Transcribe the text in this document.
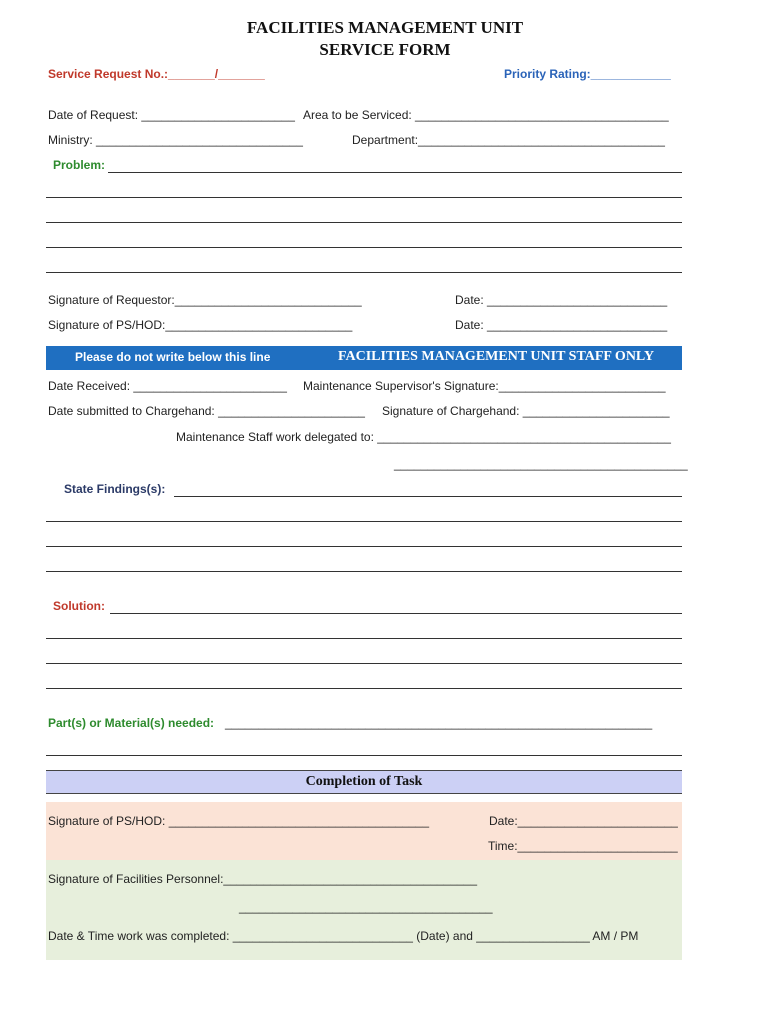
FACILITIES MANAGEMENT UNIT
SERVICE FORM
Service Request No.:_______/_______	Priority Rating:____________
Date of Request: _______________________ Area to be Serviced: ______________________________________
Ministry: _______________________________	Department:_____________________________________
Problem:
Signature of Requestor:____________________________	Date: ___________________________
Signature of PS/HOD:____________________________	Date: ___________________________
Please do not write below this line	FACILITIES MANAGEMENT UNIT STAFF ONLY
Date Received: _______________________ Maintenance Supervisor's Signature:_________________________
Date submitted to Chargehand: ______________________ Signature of Chargehand: ______________________
Maintenance Staff work delegated to: ____________________________________________
____________________________________________
State Findings(s):
Solution:
Part(s) or Material(s) needed: ________________________________________________________________
Completion of Task
Signature of PS/HOD: _______________________________________	Date:________________________
Time:________________________
Signature of Facilities Personnel:______________________________________
______________________________________
Date & Time work was completed: ___________________________ (Date) and _________________ AM / PM
